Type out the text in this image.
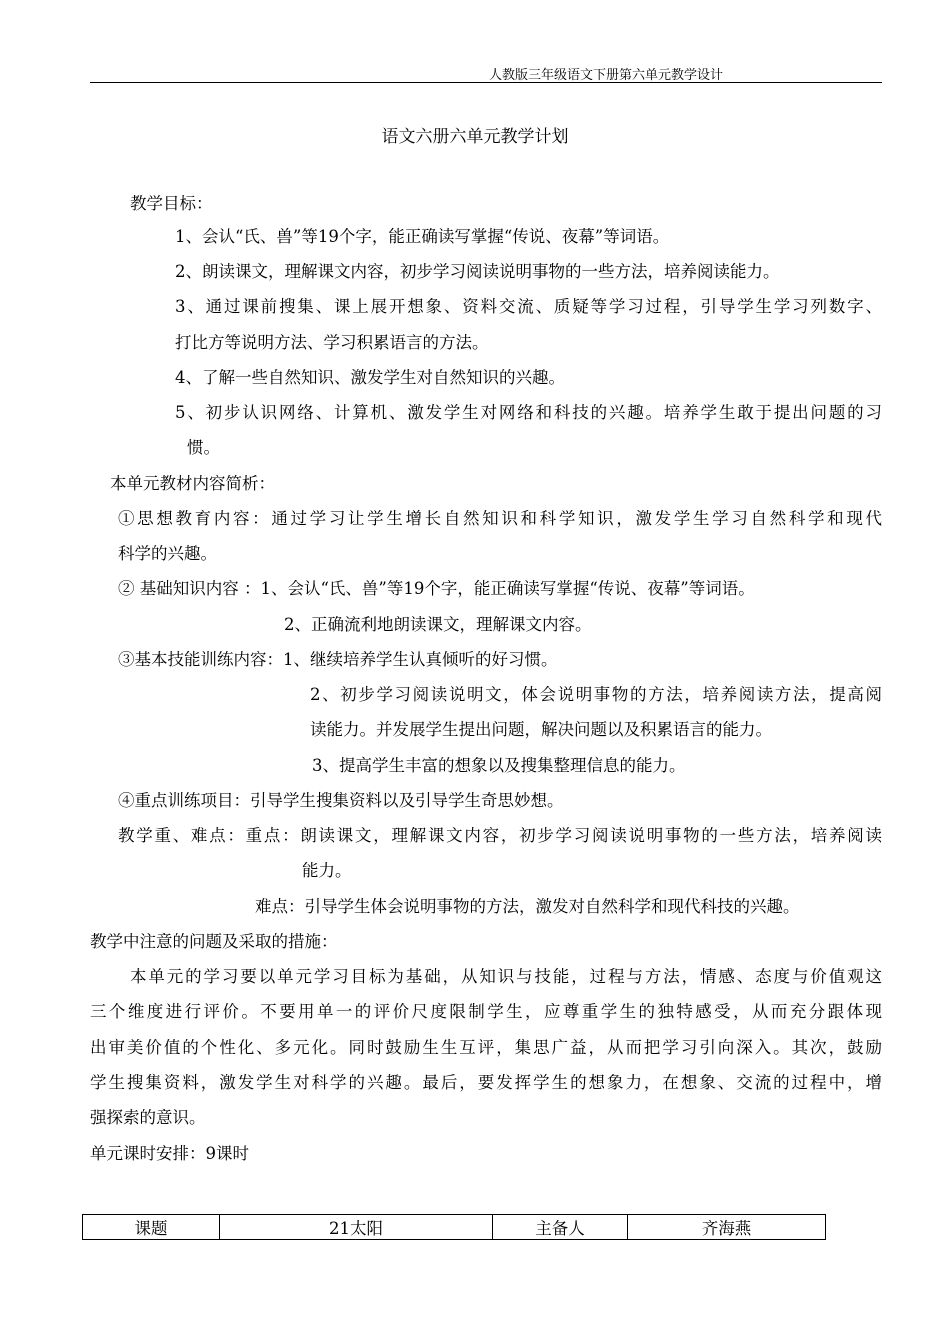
人教版三年级语文下册第六单元教学设计
语文六册六单元教学计划
教学目标：
1、会认“氏、兽”等19个字，能正确读写掌握“传说、夜幕”等词语。
2、朗读课文，理解课文内容，初步学习阅读说明事物的一些方法，培养阅读能力。
3、通过课前搜集、课上展开想象、资料交流、质疑等学习过程，引导学生学习列数字、
打比方等说明方法、学习积累语言的方法。
4、了解一些自然知识、激发学生对自然知识的兴趣。
5、初步认识网络、计算机、激发学生对网络和科技的兴趣。培养学生敢于提出问题的习
惯。
本单元教材内容简析：
①思想教育内容：通过学习让学生增长自然知识和科学知识，激发学生学习自然科学和现代
科学的兴趣。
② 基础知识内容 ：1、会认“氏、兽”等19个字，能正确读写掌握“传说、夜幕”等词语。
2、正确流利地朗读课文，理解课文内容。
③基本技能训练内容：1、继续培养学生认真倾听的好习惯。
2、初步学习阅读说明文，体会说明事物的方法，培养阅读方法，提高阅
读能力。并发展学生提出问题，解决问题以及积累语言的能力。
3、提高学生丰富的想象以及搜集整理信息的能力。
④重点训练项目：引导学生搜集资料以及引导学生奇思妙想。
教学重、难点：重点：朗读课文，理解课文内容，初步学习阅读说明事物的一些方法，培养阅读
能力。
难点：引导学生体会说明事物的方法，激发对自然科学和现代科技的兴趣。
教学中注意的问题及采取的措施：
本单元的学习要以单元学习目标为基础，从知识与技能，过程与方法，情感、态度与价值观这
三个维度进行评价。不要用单一的评价尺度限制学生，应尊重学生的独特感受，从而充分跟体现
出审美价值的个性化、多元化。同时鼓励生生互评，集思广益，从而把学习引向深入。其次，鼓励
学生搜集资料，激发学生对科学的兴趣。最后，要发挥学生的想象力，在想象、交流的过程中，增
强探索的意识。
单元课时安排：9课时
课题	21太阳	主备人	齐海燕
